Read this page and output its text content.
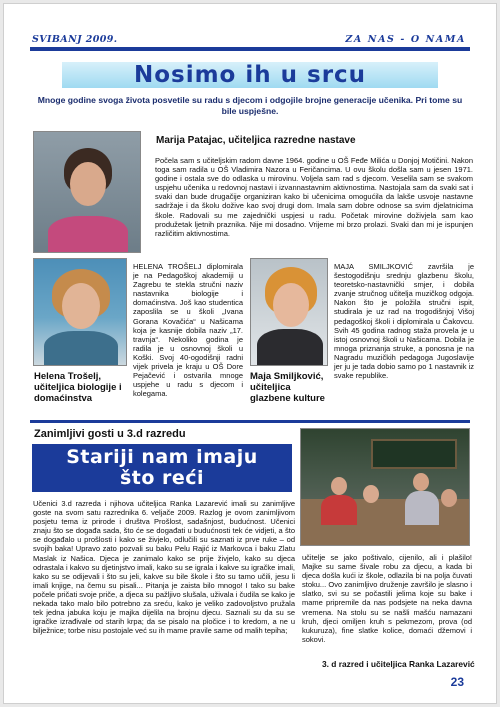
SVIBANJ 2009.	ZA NAS - O NAMA
Nosimo ih u srcu
Mnoge godine svoga života posvetile su radu s djecom i odgojile brojne generacije učenika. Pri tome su bile uspješne.
Marija Patajac, učiteljica razredne nastave
Počela sam s učiteljskim radom davne 1964. godine u OŠ Feđe Milića u Donjoj Motičini. Nakon toga sam radila u OŠ Vladimira Nazora u Feričancima. U ovu školu došla sam u jesen 1971. godine i ostala sve do odlaska u mirovinu. Voljela sam rad s djecom. Veselila sam se svakom uspjehu učenika u redovnoj nastavi i izvannastavnim aktivnostima. Nastojala sam da svaki sat i svaki dan bude drugačije organiziran kako bi učenicima omogućila da lakše usvoje nastavne sadržaje i da školu dožive kao svoj drugi dom. Imala sam dobre odnose sa svim djelatnicima škole. Radovali su me zajednički uspjesi u radu. Početak mirovine doživjela sam kao produžetak ljetnih praznika. Nije mi dosadno. Vrijeme mi brzo prolazi. Svaki dan mi je ispunjen različitim aktivnostima.
HELENA TROŠELJ diplomirala je na Pedagoškoj akademiji u Zagrebu te stekla stručni naziv nastavnika biologije i domaćinstva. Još kao studentica zaposlila se u školi „Ivana Gorana Kovačića“ u Našicama koja je kasnije dobila naziv „17. travnja“. Nekoliko godina je radila je u osnovnoj školi u Koški. Svoj 40-ogodišnji radni vijek privela je kraju u OŠ Dore Pejačević i ostvarila mnoge uspjehe u radu s djecom i kolegama.
Helena Trošelj, učiteljica biologije i domaćinstva
MAJA SMILJKOVIĆ završila je šestogodišnju srednju glazbenu školu, teoretsko-nastavnički smjer, i dobila zvanje stručnog učitelja muzičkog odgoja. Nakon što je položila stručni ispit, studirala je uz rad na trogodišnjoj Višoj pedagoškoj školi i diplomirala u Čakovcu. Svih 45 godina radnog staža provela je u istoj osnovnoj školi u Našicama. Dobila je mnoga priznanja struke, a ponosna je na Nagradu muzičkih pedagoga Jugoslavije jer ju je tada dobio samo po 1 nastavnik iz svake republike.
Maja Smiljković, učiteljica glazbene kulture
Zanimljivi gosti u 3.d razredu
Stariji nam imaju
što reći
Učenici 3.d razreda i njihova učiteljica Ranka Lazarević imali su zanimljive goste na svom satu razrednika 6. veljače 2009. Razlog je ovom zanimljivom posjetu tema iz prirode i društva Prošlost, sadašnjost, budućnost. Učenici znaju što se događa sada, što će se događati u budućnosti tek će vidjeti, a što se događalo u prošlosti i kako se živjelo, odlučili su saznati iz prve ruke – od svojih baka! Upravo zato pozvali su baku Pelu Rajić iz Markovca i baku Zlatu Maslak iz Našica. Djeca je zanimalo kako se prije živjelo, kako su djeca odrastala i kakvo su djetinjstvo imali, kako su se igrala i kakve su igračke imali, kako su se odijevali i što su jeli, kakve su bile škole i što su tamo učili, jesu li imali knjige, na čemu su pisali... Pitanja je zaista bilo mnogo! I tako su bake počele pričati svoje priče, a djeca su pažljivo slušala, uživala i čudila se kako je nekada tako malo bilo potrebno za sreću, kako je veliko zadovoljstvo pružala tek jedna jabuka koju je majka dijelila na brojnu djecu. Saznali su da su se igračke izrađivale od starih krpa; da se pisalo na pločice i to kredom, a ne u bilježnice; torbe nisu postojale već su ih mame pravile same od malih tepiha;
učitelje se jako poštivalo, cijenilo, ali i plašilo! Majke su same šivale robu za djecu, a kada bi djeca došla kući iz škole, odlazila bi na polja čuvati stoku... Ovo zanimljivo druženje završilo je slasno i slatko, svi su se počastili jelima koje su bake i mame pripremile da nas podsjete na neka davna vremena. Na stolu su se našli mašću namazani kruh, djeci omiljen kruh s pekmezom, prova (od kukuruza), fine slatke kolice, domaći džemovi i sokovi.
3. d razred i učiteljica Ranka Lazarević
23
